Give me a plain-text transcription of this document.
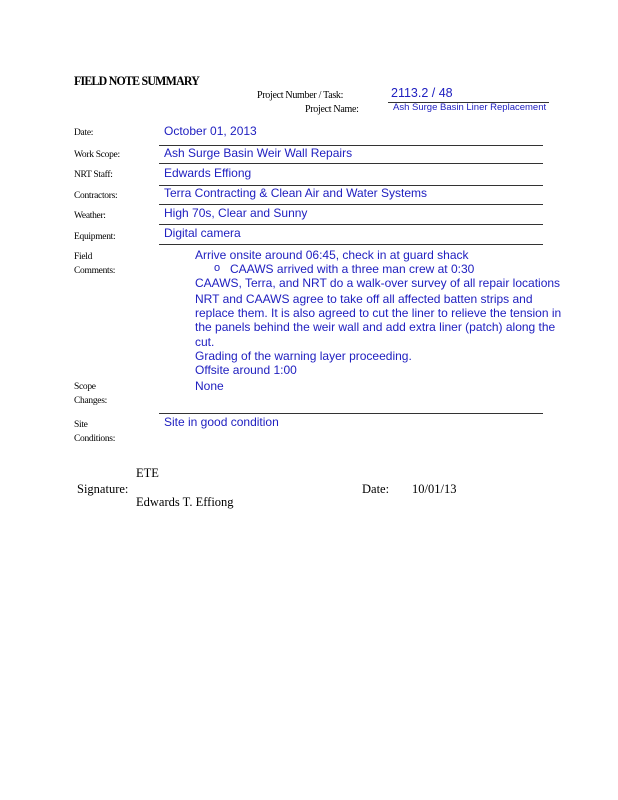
FIELD NOTE SUMMARY
Project Number / Task:	2113.2 / 48
Project Name:	Ash Surge Basin Liner Replacement
Date:	October 01, 2013
Work Scope:	Ash Surge Basin Weir Wall Repairs
NRT Staff:	Edwards Effiong
Contractors:	Terra Contracting & Clean Air and Water Systems
Weather:	High 70s, Clear and Sunny
Equipment:	Digital camera
Field
Comments:
Arrive onsite around 06:45, check in at guard shack
o CAAWS arrived with a three man crew at 0:30
CAAWS, Terra, and NRT do a walk-over survey of all repair locations
NRT and CAAWS agree to take off all affected batten strips and replace them. It is also agreed to cut the liner to relieve the tension in the panels behind the weir wall and add extra liner (patch) along the cut.
Grading of the warning layer proceeding.
Offsite around 1:00
Scope
Changes:
None
Site
Conditions:
Site in good condition
ETE
Signature:
Edwards T. Effiong
Date: 10/01/13
